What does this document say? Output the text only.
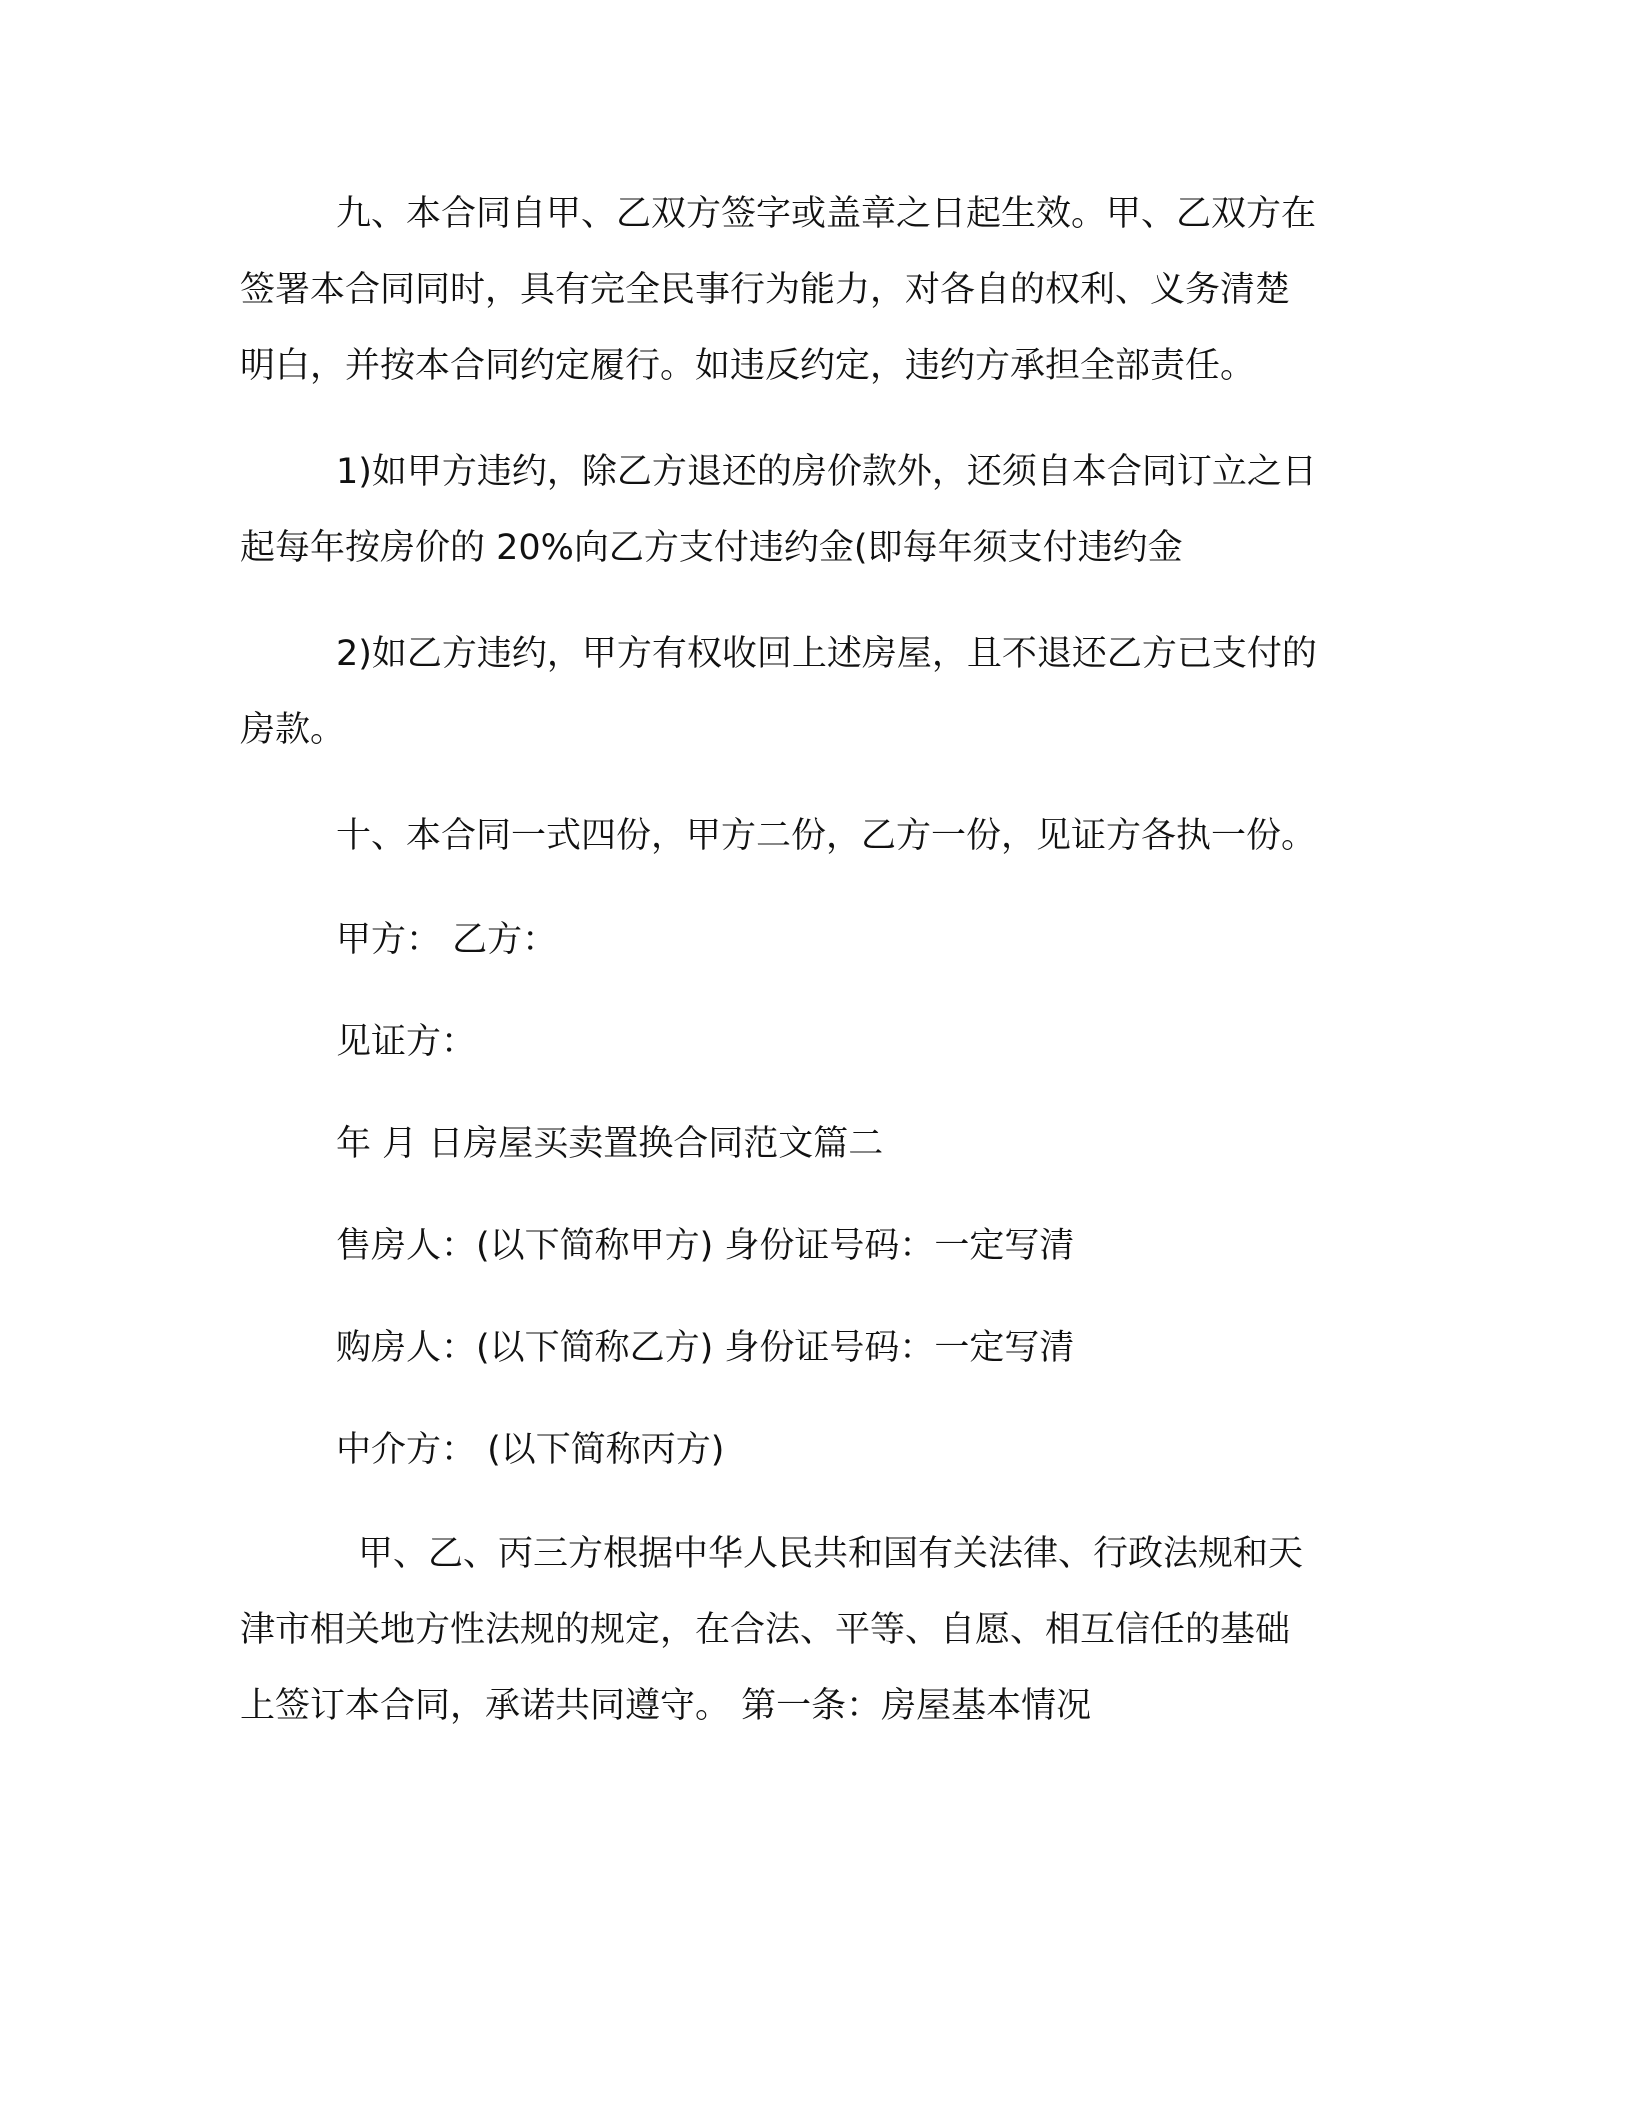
九、本合同自甲、乙双方签字或盖章之日起生效。甲、乙双方在
签署本合同同时，具有完全民事行为能力，对各自的权利、义务清楚
明白，并按本合同约定履行。如违反约定，违约方承担全部责任。
1)如甲方违约，除乙方退还的房价款外，还须自本合同订立之日
起每年按房价的 20%向乙方支付违约金(即每年须支付违约金
2)如乙方违约，甲方有权收回上述房屋，且不退还乙方已支付的
房款。
十、本合同一式四份，甲方二份，乙方一份，见证方各执一份。
甲方： 乙方：
见证方：
年 月 日房屋买卖置换合同范文篇二
售房人：(以下简称甲方) 身份证号码：一定写清
购房人：(以下简称乙方) 身份证号码：一定写清
中介方： (以下简称丙方)
甲、乙、丙三方根据中华人民共和国有关法律、行政法规和天
津市相关地方性法规的规定，在合法、平等、自愿、相互信任的基础
上签订本合同，承诺共同遵守。 第一条：房屋基本情况
